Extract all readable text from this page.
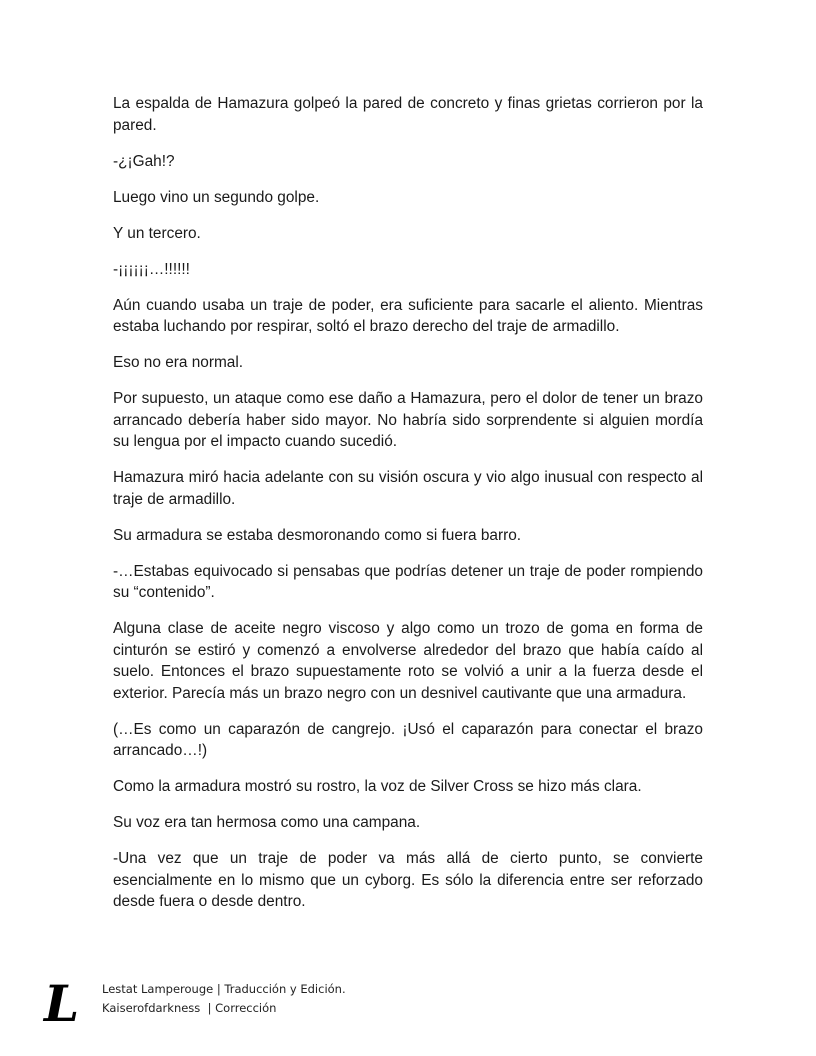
La espalda de Hamazura golpeó la pared de concreto y finas grietas corrieron por la pared.

-¿¡Gah!?

Luego vino un segundo golpe.

Y un tercero.

-¡¡¡¡¡¡…!!!!!!

Aún cuando usaba un traje de poder, era suficiente para sacarle el aliento. Mientras estaba luchando por respirar, soltó el brazo derecho del traje de armadillo.

Eso no era normal.

Por supuesto, un ataque como ese daño a Hamazura, pero el dolor de tener un brazo arrancado debería haber sido mayor. No habría sido sorprendente si alguien mordía su lengua por el impacto cuando sucedió.

Hamazura miró hacia adelante con su visión oscura y vio algo inusual con respecto al traje de armadillo.

Su armadura se estaba desmoronando como si fuera barro.

-…Estabas equivocado si pensabas que podrías detener un traje de poder rompiendo su “contenido”.

Alguna clase de aceite negro viscoso y algo como un trozo de goma en forma de cinturón se estiró y comenzó a envolverse alrededor del brazo que había caído al suelo. Entonces el brazo supuestamente roto se volvió a unir a la fuerza desde el exterior. Parecía más un brazo negro con un desnivel cautivante que una armadura.

(…Es como un caparazón de cangrejo. ¡Usó el caparazón para conectar el brazo arrancado…!)

Como la armadura mostró su rostro, la voz de Silver Cross se hizo más clara.

Su voz era tan hermosa como una campana.

-Una vez que un traje de poder va más allá de cierto punto, se convierte esencialmente en lo mismo que un cyborg. Es sólo la diferencia entre ser reforzado desde fuera o desde dentro.

L	Lestat Lamperouge | Traducción y Edición.
Kaiserofdarkness  | Corrección
